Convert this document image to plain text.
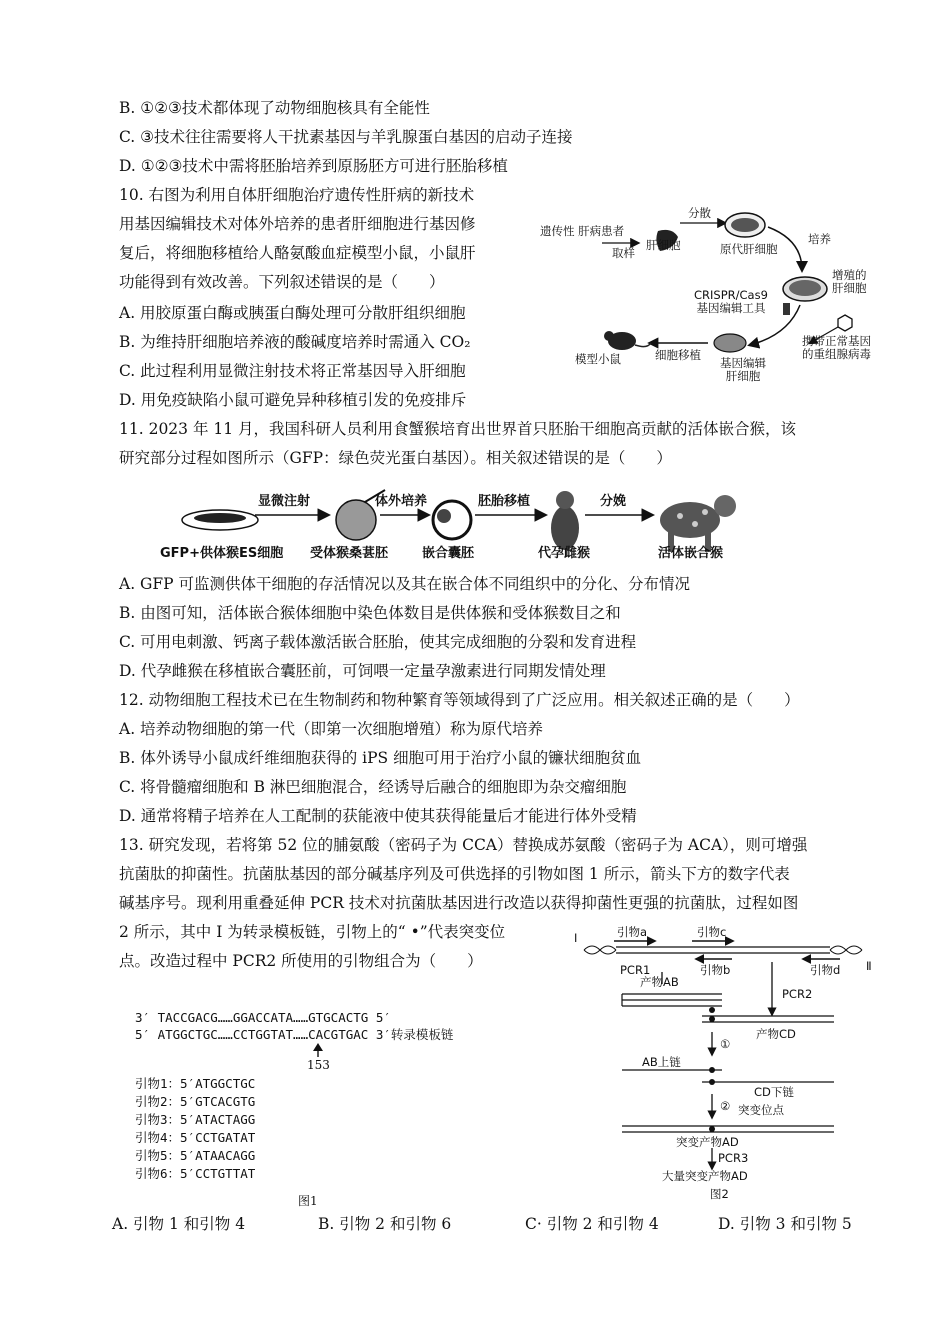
B. ①②③技术都体现了动物细胞核具有全能性
C. ③技术往往需要将人干扰素基因与羊乳腺蛋白基因的启动子连接
D. ①②③技术中需将胚胎培养到原肠胚方可进行胚胎移植
10. 右图为利用自体肝细胞治疗遗传性肝病的新技术
用基因编辑技术对体外培养的患者肝细胞进行基因修
复后，将细胞移植给人酪氨酸血症模型小鼠，小鼠肝
功能得到有效改善。下列叙述错误的是（　　）
A. 用胶原蛋白酶或胰蛋白酶处理可分散肝组织细胞
B. 为维持肝细胞培养液的酸碱度培养时需通入 CO₂
C. 此过程利用显微注射技术将正常基因导入肝细胞
D. 用免疫缺陷小鼠可避免异种移植引发的免疫排斥
遗传性 肝病患者
取样
肝细胞
分散
原代肝细胞
培养
增殖的
肝细胞
CRISPR/Cas9
基因编辑工具
携带正常基因
的重组腺病毒
基因编辑
肝细胞
细胞移植
模型小鼠
11. 2023 年 11 月，我国科研人员利用食蟹猴培育出世界首只胚胎干细胞高贡献的活体嵌合猴，该
研究部分过程如图所示（GFP：绿色荧光蛋白基因）。相关叙述错误的是（　　）
显微注射	体外培养	胚胎移植	分娩
GFP+供体猴ES细胞 受体猴桑葚胚	嵌合囊胚	代孕雌猴	活体嵌合猴
A. GFP 可监测供体干细胞的存活情况以及其在嵌合体不同组织中的分化、分布情况
B. 由图可知，活体嵌合猴体细胞中染色体数目是供体猴和受体猴数目之和
C. 可用电刺激、钙离子载体激活嵌合胚胎，使其完成细胞的分裂和发育进程
D. 代孕雌猴在移植嵌合囊胚前，可饲喂一定量孕激素进行同期发情处理
12. 动物细胞工程技术已在生物制药和物种繁育等领域得到了广泛应用。相关叙述正确的是（　　）
A. 培养动物细胞的第一代（即第一次细胞增殖）称为原代培养
B. 体外诱导小鼠成纤维细胞获得的 iPS 细胞可用于治疗小鼠的镰状细胞贫血
C. 将骨髓瘤细胞和 B 淋巴细胞混合，经诱导后融合的细胞即为杂交瘤细胞
D. 通常将精子培养在人工配制的获能液中使其获得能量后才能进行体外受精
13. 研究发现，若将第 52 位的脯氨酸（密码子为 CCA）替换成苏氨酸（密码子为 ACA），则可增强
抗菌肽的抑菌性。抗菌肽基因的部分碱基序列及可供选择的引物如图 1 所示，箭头下方的数字代表
碱基序号。现利用重叠延伸 PCR 技术对抗菌肽基因进行改造以获得抑菌性更强的抗菌肽，过程如图
2 所示，其中 I 为转录模板链，引物上的“ •”代表突变位
点。改造过程中 PCR2 所使用的引物组合为（　　）
3′ TACCGACG……GGACCATA……GTGCACTG 5′
5′ ATGGCTGC……CCTGGTAT……CACGTGAC 3′转录模板链
153
引物1：5′ATGGCTGC
引物2：5′GTCACGTG
引物3：5′ATACTAGG
引物4：5′CCTGATAT
引物5：5′ATAACAGG
引物6：5′CCTGTTAT
图1
I
Ⅱ
引物a	引物c
PCR1	引物b	引物d
PCR2
产物AB
产物CD
①
AB上链
CD下链
② 突变位点
突变产物AD
PCR3
大量突变产物AD
图2
A. 引物 1 和引物 4	B. 引物 2 和引物 6	C· 引物 2 和引物 4	D. 引物 3 和引物 5
